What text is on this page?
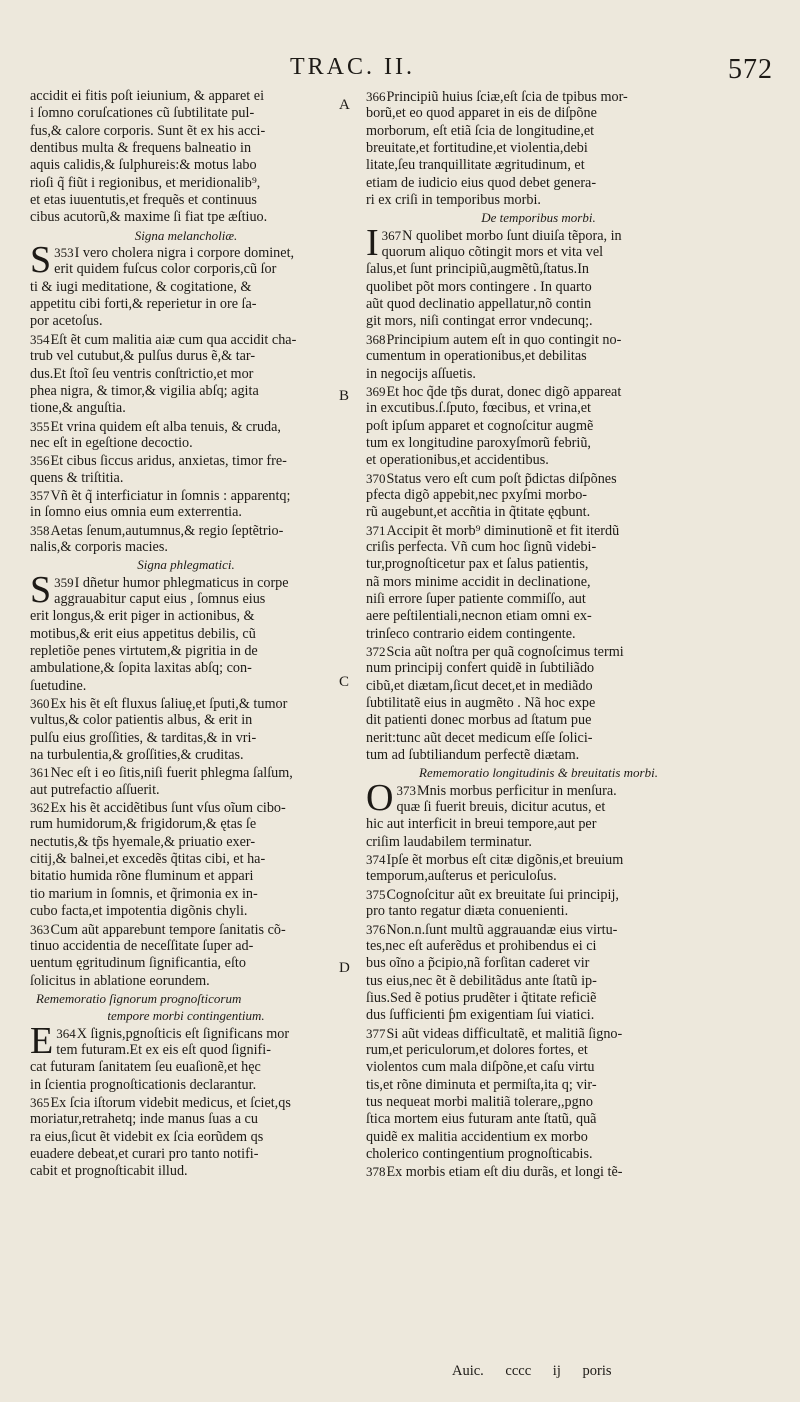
TRAC. II.	572
accidit ei fitis poſt ieiunium, & apparet ei
i ſomno coruſcationes cũ ſubtilitate pul-
fus,& calore corporis. Sunt ẽt ex his acci-
dentibus multa & frequens balneatio in
aquis calidis,& ſulphureis:& motus labo
rioſi q̃ fiũt i regionibus, et meridionalib⁹,
et etas iuuentutis,et frequẽs et continuus
cibus acutorũ,& maxime ſi fiat tpe æſtiuo.
Signa melancholiæ.
353
S I vero cholera nigra i corpore dominet,
erit quidem fuſcus color corporis,cũ ſor
ti & iugi meditatione, & cogitatione, &
appetitu cibi forti,& reperietur in ore ſa-
por acetoſus.
354Eſt ẽt cum malitia aiæ cum qua accidit cha-
trub vel cutubut,& pulſus durus ẽ,& tar-
dus.Et ſtoĩ ſeu ventris conſtrictio,et mor
phea nigra, & timor,& vigilia abſq; agita
tione,& anguſtia.
355Et vrina quidem eſt alba tenuis, & cruda,
nec eſt in egeſtione decoctio.
356Et cibus ſiccus aridus, anxietas, timor fre-
quens & triſtitia.
357Vñ ẽt q̃ interficiatur in ſomnis : apparentq;
in ſomno eius omnia eum exterrentia.
358Aetas ſenum,autumnus,& regio ſeptẽtrio-
nalis,& corporis macies.
Signa phlegmatici.
359
S I dñetur humor phlegmaticus in corpe
aggrauabitur caput eius , ſomnus eius
erit longus,& erit piger in actionibus, &
motibus,& erit eius appetitus debilis, cũ
repletiõe penes virtutem,& pigritia in de
ambulatione,& ſopita laxitas abſq; con-
ſuetudine.
360Ex his ẽt eſt fluxus ſaliuę,et ſputi,& tumor
vultus,& color patientis albus, & erit in
pulſu eius groſſities, & tarditas,& in vri-
na turbulentia,& groſſities,& cruditas.
361Nec eſt i eo ſitis,niſi fuerit phlegma ſalſum,
aut putrefactio aſſuerit.
362Ex his ẽt accidẽtibus ſunt vſus oĩum cibo-
rum humidorum,& frigidorum,& ętas ſe
nectutis,& tp̃s hyemale,& priuatio exer-
citij,& balnei,et excedẽs q̃titas cibi, et ha-
bitatio humida rõne fluminum et appari
tio marium in ſomnis, et q̃rimonia ex in-
cubo facta,et impotentia digõnis chyli.
363Cum aũt apparebunt tempore ſanitatis cõ-
tinuo accidentia de neceſſitate ſuper ad-
uentum ęgritudinum ſignificantia, eſto
ſolicitus in ablatione eorundem.
Rememoratio ſignorum prognoſticorum
tempore morbi contingentium.
364
E X ſignis,pgnoſticis eſt ſignificans mor
tem futuram.Et ex eis eſt quod ſignifi-
cat futuram ſanitatem ſeu euaſionẽ,et hęc
in ſcientia prognoſticationis declarantur.
365Ex ſcia iſtorum videbit medicus, et ſciet,qs
moriatur,retrahetq; inde manus ſuas a cu
ra eius,ſicut ẽt videbit ex ſcia eorũdem qs
euadere debeat,et curari pro tanto notifi-
cabit et prognoſticabit illud.
366Principiũ huius ſciæ,eſt ſcia de tpibus mor-
borũ,et eo quod apparet in eis de diſpõne
morborum, eſt etiã ſcia de longitudine,et
breuitate,et fortitudine,et violentia,debi
litate,ſeu tranquillitate ægritudinum, et
etiam de iudicio eius quod debet genera-
ri ex criſi in temporibus morbi.
De temporibus morbi.
367
I N quolibet morbo ſunt diuiſa tẽpora, in
quorum aliquo cõtingit mors et vita vel
ſalus,et ſunt principiũ,augmẽtũ,ſtatus.In
quolibet põt mors contingere . In quarto
aũt quod declinatio appellatur,nõ contin
git mors, niſi contingat error vndecunq;.
368Principium autem eſt in quo contingit no-
cumentum in operationibus,et debilitas
in negocijs aſſuetis.
369Et hoc q̃de tp̃s durat, donec digõ appareat
in excutibus.ſ.ſputo, fœcibus, et vrina,et
poſt ipſum apparet et cognoſcitur augmẽ
tum ex longitudine paroxyſmorũ febriũ,
et operationibus,et accidentibus.
370Status vero eſt cum poſt p̃dictas diſpõnes
pfecta digõ appebit,nec pxyſmi morbo-
rũ augebunt,et accñtia in q̃titate ęqbunt.
371Accipit ẽt morb⁹ diminutionẽ et fit iterdũ
criſis perfecta. Vñ cum hoc ſignũ videbi-
tur,prognoſticetur pax et ſalus patientis,
nã mors minime accidit in declinatione,
niſi errore ſuper patiente commiſſo, aut
aere peſtilentiali,necnon etiam omni ex-
trinſeco contrario eidem contingente.
372Scia aũt noſtra per quã cognoſcimus termi
num principij confert quidẽ in ſubtiliãdo
cibũ,et diætam,ſicut decet,et in mediãdo
ſubtilitatẽ eius in augmẽto . Nã hoc expe
dit patienti donec morbus ad ſtatum pue
nerit:tunc aũt decet medicum eſſe ſolici-
tum ad ſubtiliandum perfectẽ diætam.
Rememoratio longitudinis & breuitatis morbi.
373
O Mnis morbus perficitur in menſura.
quæ ſi fuerit breuis, dicitur acutus, et
hic aut interficit in breui tempore,aut per
criſim laudabilem terminatur.
374Ipſe ẽt morbus eſt citæ digõnis,et breuium
temporum,auſterus et periculoſus.
375Cognoſcitur aũt ex breuitate ſui principij,
pro tanto regatur diæta conuenienti.
376Non.n.ſunt multũ aggrauandæ eius virtu-
tes,nec eſt auferẽdus et prohibendus ei ci
bus oĩno a p̃cipio,nã forſitan caderet vir
tus eius,nec ẽt ẽ debilitãdus ante ſtatũ ip-
ſius.Sed ẽ potius prudẽter i q̃titate reficiẽ
dus ſufficienti ƥm exigentiam ſui viatici.
377Si aũt videas difficultatẽ, et malitiã ſigno-
rum,et periculorum,et dolores fortes, et
violentos cum mala diſpõne,et caſu virtu
tis,et rõne diminuta et permiſta,ita q; vir-
tus nequeat morbi malitiã tolerare,,pgno
ſtica mortem eius futuram ante ſtatũ, quã
quidẽ ex malitia accidentium ex morbo
cholerico contingentium prognoſticabis.
378Ex morbis etiam eſt diu durãs, et longi tẽ-
A
B
C
D
Auic. cccc ij poris
